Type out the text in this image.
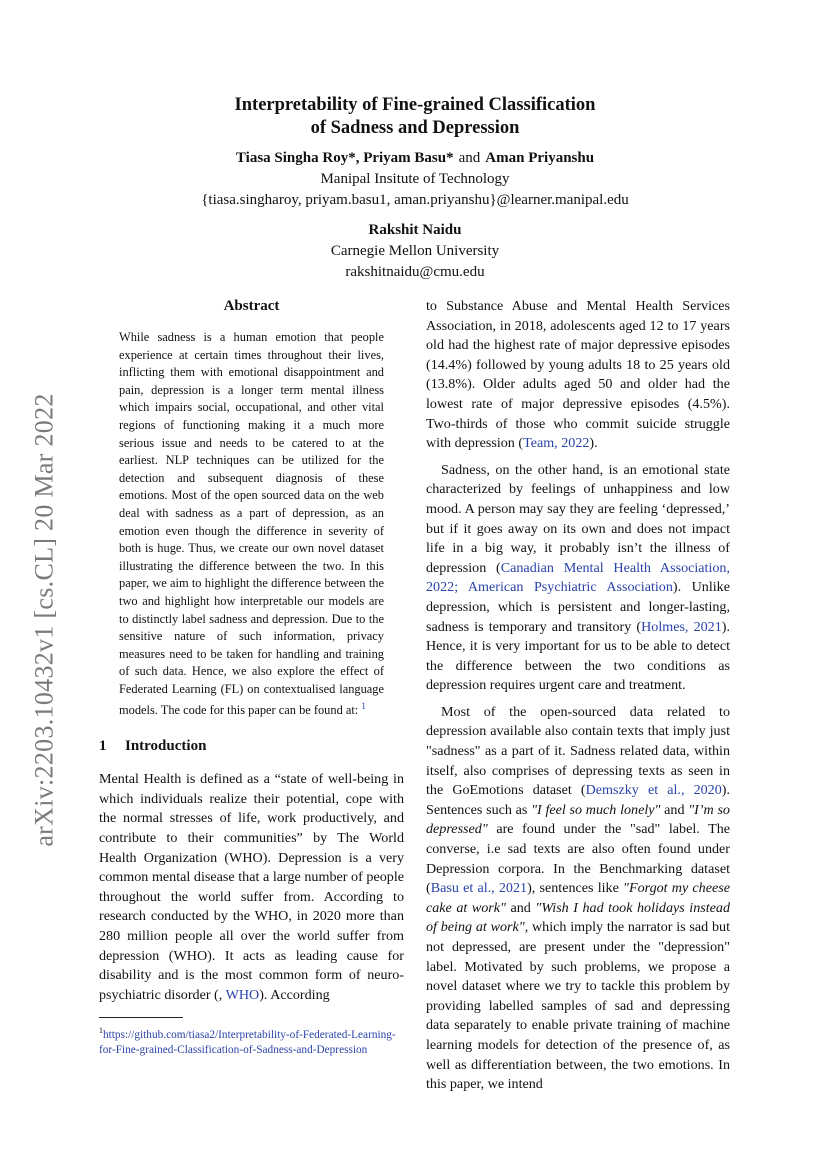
arXiv:2203.10432v1 [cs.CL] 20 Mar 2022
Interpretability of Fine-grained Classification
of Sadness and Depression
Tiasa Singha Roy*, Priyam Basu* and Aman Priyanshu
Manipal Insitute of Technology
{tiasa.singharoy, priyam.basu1, aman.priyanshu}@learner.manipal.edu
Rakshit Naidu
Carnegie Mellon University
rakshitnaidu@cmu.edu
Abstract
While sadness is a human emotion that people experience at certain times throughout their lives, inflicting them with emotional disappointment and pain, depression is a longer term mental illness which impairs social, occupational, and other vital regions of functioning making it a much more serious issue and needs to be catered to at the earliest. NLP techniques can be utilized for the detection and subsequent diagnosis of these emotions. Most of the open sourced data on the web deal with sadness as a part of depression, as an emotion even though the difference in severity of both is huge. Thus, we create our own novel dataset illustrating the difference between the two. In this paper, we aim to highlight the difference between the two and highlight how interpretable our models are to distinctly label sadness and depression. Due to the sensitive nature of such information, privacy measures need to be taken for handling and training of such data. Hence, we also explore the effect of Federated Learning (FL) on contextualised language models. The code for this paper can be found at: $^1$
1 Introduction

Mental Health is defined as a “state of well-being in which individuals realize their potential, cope with the normal stresses of life, work productively, and contribute to their communities” by The World Health Organization (WHO). Depression is a very common mental disease that a large number of people throughout the world suffer from. According to research conducted by the WHO, in 2020 more than 280 million people all over the world suffer from depression (WHO). It acts as leading cause for disability and is the most common form of neuro-psychiatric disorder (, WHO). According

$^1$https://github.com/tiasa2/Interpretability-of-Federated-Learning-for-Fine-grained-Classification-of-Sadness-and-Depression

to Substance Abuse and Mental Health Services Association, in 2018, adolescents aged 12 to 17 years old had the highest rate of major depressive episodes (14.4%) followed by young adults 18 to 25 years old (13.8%). Older adults aged 50 and older had the lowest rate of major depressive episodes (4.5%). Two-thirds of those who commit suicide struggle with depression (Team, 2022).

Sadness, on the other hand, is an emotional state characterized by feelings of unhappiness and low mood. A person may say they are feeling ‘depressed,’ but if it goes away on its own and does not impact life in a big way, it probably isn’t the illness of depression (Canadian Mental Health Association, 2022; American Psychiatric Association). Unlike depression, which is persistent and longer-lasting, sadness is temporary and transitory (Holmes, 2021). Hence, it is very important for us to be able to detect the difference between the two conditions as depression requires urgent care and treatment.

Most of the open-sourced data related to depression available also contain texts that imply just "sadness" as a part of it. Sadness related data, within itself, also comprises of depressing texts as seen in the GoEmotions dataset (Demszky et al., 2020). Sentences such as "I feel so much lonely" and "I’m so depressed" are found under the "sad" label. The converse, i.e sad texts are also often found under Depression corpora. In the Benchmarking dataset (Basu et al., 2021), sentences like "Forgot my cheese cake at work" and "Wish I had took holidays instead of being at work", which imply the narrator is sad but not depressed, are present under the "depression" label. Motivated by such problems, we propose a novel dataset where we try to tackle this problem by providing labelled samples of sad and depressing data separately to enable private training of machine learning models for detection of the presence of, as well as differentiation between, the two emotions. In this paper, we intend
